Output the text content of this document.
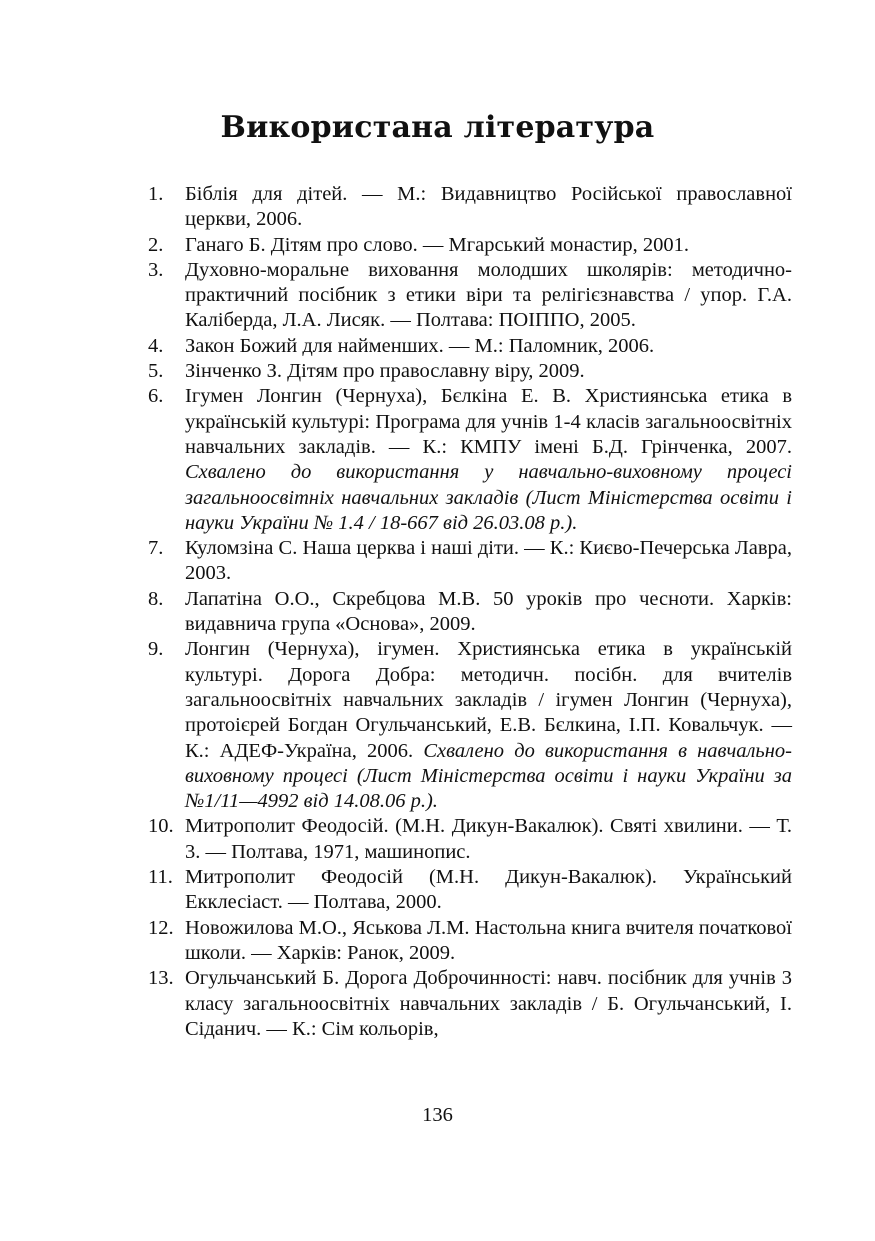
Використана література
1. Біблія для дітей. — М.: Видавництво Російської православної церкви, 2006.
2. Ганаго Б. Дітям про слово. — Мгарський монастир, 2001.
3. Духовно-моральне виховання молодших школярів: методично-практичний посібник з етики віри та релігієзнавства / упор. Г.А. Каліберда, Л.А. Лисяк. — Полтава: ПОІППО, 2005.
4. Закон Божий для найменших. — М.: Паломник, 2006.
5. Зінченко З. Дітям про православну віру, 2009.
6. Ігумен Лонгин (Чернуха), Бєлкіна Е. В. Християнська етика в українській культурі: Програма для учнів 1-4 класів загальноосвітніх навчальних закладів. — К.: КМПУ імені Б.Д. Грінченка, 2007. Схвалено до використання у навчально-виховному процесі загальноосвітніх навчальних закладів (Лист Міністерства освіти і науки України № 1.4 / 18-667 від 26.03.08 р.).
7. Куломзіна С. Наша церква і наші діти. — К.: Києво-Печерська Лавра, 2003.
8. Лапатіна О.О., Скребцова М.В. 50 уроків про чесноти. Харків: видавнича група «Основа», 2009.
9. Лонгин (Чернуха), ігумен. Християнська етика в українській культурі. Дорога Добра: методичн. посібн. для вчителів загальноосвітніх навчальних закладів / ігумен Лонгин (Чернуха), протоієрей Богдан Огульчанський, Е.В. Бєлкина, І.П. Ковальчук. — К.: АДЕФ-Україна, 2006. Схвалено до використання в навчально-виховному процесі (Лист Міністерства освіти і науки України за №1/11—4992 від 14.08.06 р.).
10. Митрополит Феодосій. (М.Н. Дикун-Вакалюк). Святі хвилини. — Т. 3. — Полтава, 1971, машинопис.
11. Митрополит Феодосій (М.Н. Дикун-Вакалюк). Український Екклесіаст. — Полтава, 2000.
12. Новожилова М.О., Яськова Л.М. Настольна книга вчителя початкової школи. — Харків: Ранок, 2009.
13. Огульчанський Б. Дорога Доброчинності: навч. посібник для учнів 3 класу загальноосвітніх навчальних закладів / Б. Огульчанський, І. Сіданич. — К.: Сім кольорів,
136
